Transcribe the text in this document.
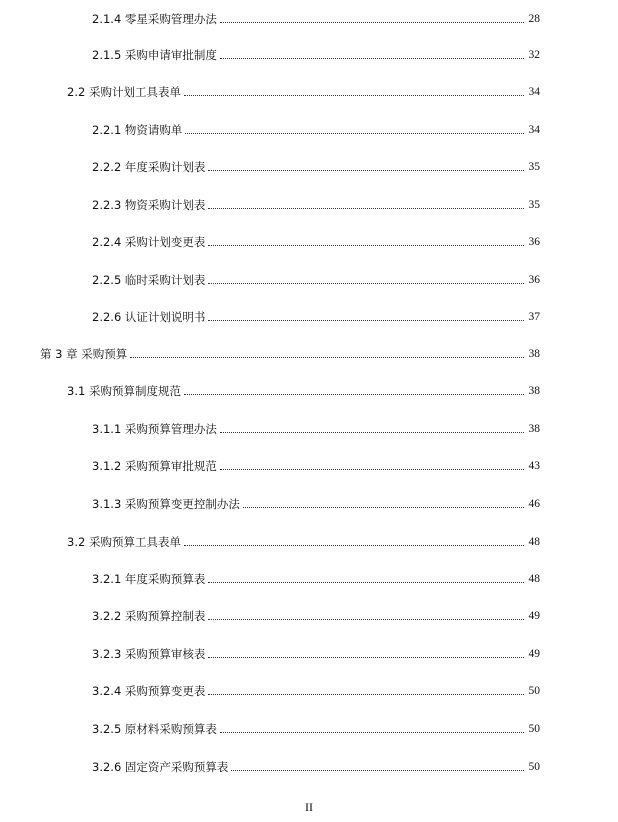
2.1.4 零星采购管理办法	28
2.1.5 采购申请审批制度	32
2.2 采购计划工具表单	34
2.2.1 物资请购单	34
2.2.2 年度采购计划表	35
2.2.3 物资采购计划表	35
2.2.4 采购计划变更表	36
2.2.5 临时采购计划表	36
2.2.6 认证计划说明书	37
第 3 章 采购预算	38
3.1 采购预算制度规范	38
3.1.1 采购预算管理办法	38
3.1.2 采购预算审批规范	43
3.1.3 采购预算变更控制办法	46
3.2 采购预算工具表单	48
3.2.1 年度采购预算表	48
3.2.2 采购预算控制表	49
3.2.3 采购预算审核表	49
3.2.4 采购预算变更表	50
3.2.5 原材料采购预算表	50
3.2.6 固定资产采购预算表	50
II
